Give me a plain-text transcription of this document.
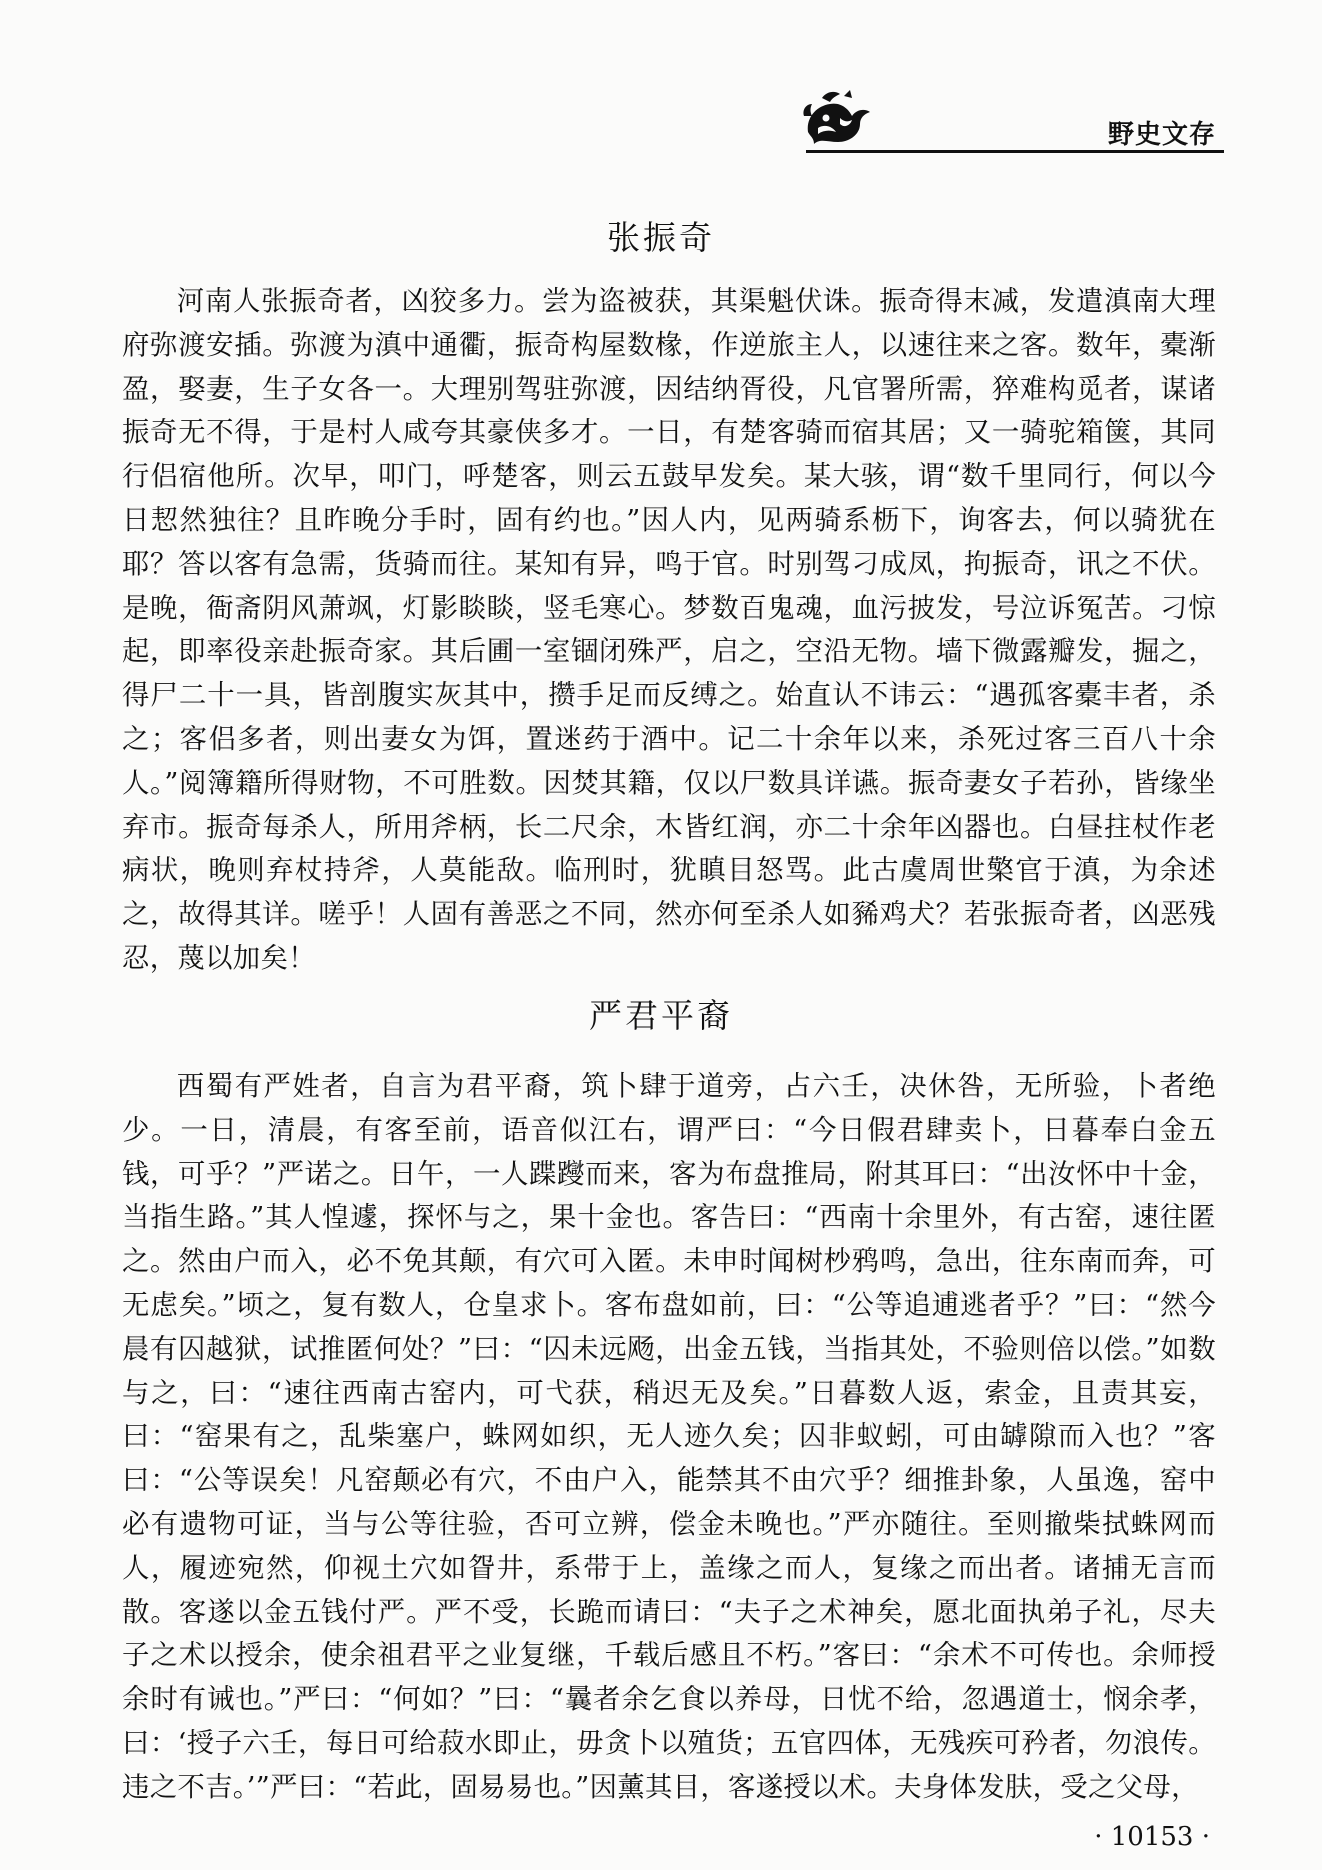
野史文存
张振奇
河南人张振奇者，凶狡多力。尝为盗被获，其渠魁伏诛。振奇得末减，发遣滇南大理府弥渡安插。弥渡为滇中通衢，振奇构屋数椽，作逆旅主人，以速往来之客。数年，橐渐盈，娶妻，生子女各一。大理别驾驻弥渡，因结纳胥役，凡官署所需，猝难构觅者，谋诸振奇无不得，于是村人咸夸其豪侠多才。一日，有楚客骑而宿其居；又一骑驼箱箧，其同行侣宿他所。次早，叩门，呼楚客，则云五鼓早发矣。某大骇，谓“数千里同行，何以今日恝然独往？且昨晚分手时，固有约也。”因人内，见两骑系枥下，询客去，何以骑犹在耶？答以客有急需，货骑而往。某知有异，鸣于官。时别驾刁成凤，拘振奇，讯之不伏。是晚，衙斋阴风萧飒，灯影睒睒，竖毛寒心。梦数百鬼魂，血污披发，号泣诉冤苦。刁惊起，即率役亲赴振奇家。其后圃一室锢闭殊严，启之，空沿无物。墙下微露瓣发，掘之，得尸二十一具，皆剖腹实灰其中，攒手足而反缚之。始直认不讳云：“遇孤客橐丰者，杀之；客侣多者，则出妻女为饵，置迷药于酒中。记二十余年以来，杀死过客三百八十余人。”阅簿籍所得财物，不可胜数。因焚其籍，仅以尸数具详䜩。振奇妻女子若孙，皆缘坐弃市。振奇每杀人，所用斧柄，长二尺余，木皆红润，亦二十余年凶器也。白昼拄杖作老病状，晚则弃杖持斧，人莫能敌。临刑时，犹瞋目怒骂。此古虞周世檠官于滇，为余述之，故得其详。嗟乎！人固有善恶之不同，然亦何至杀人如豨鸡犬？若张振奇者，凶恶残忍，蔑以加矣！
严君平裔
西蜀有严姓者，自言为君平裔，筑卜肆于道旁，占六壬，决休咎，无所验，卜者绝少。一日，清晨，有客至前，语音似江右，谓严曰：“今日假君肆卖卜，日暮奉白金五钱，可乎？”严诺之。日午，一人蹀躞而来，客为布盘推局，附其耳曰：“出汝怀中十金，当指生路。”其人惶遽，探怀与之，果十金也。客告曰：“西南十余里外，有古窑，速往匿之。然由户而入，必不免其颠，有穴可入匿。未申时闻树杪鸦鸣，急出，往东南而奔，可无虑矣。”顷之，复有数人，仓皇求卜。客布盘如前，曰：“公等追逋逃者乎？”曰：“然今晨有囚越狱，试推匿何处？”曰：“囚未远飏，出金五钱，当指其处，不验则倍以偿。”如数与之，曰：“速往西南古窑内，可弋获，稍迟无及矣。”日暮数人返，索金，且责其妄，曰：“窑果有之，乱柴塞户，蛛网如织，无人迹久矣；囚非蚁蚓，可由罅隙而入也？”客曰：“公等误矣！凡窑颠必有穴，不由户入，能禁其不由穴乎？细推卦象，人虽逸，窑中必有遗物可证，当与公等往验，否可立辨，偿金未晚也。”严亦随往。至则撤柴拭蛛网而人，履迹宛然，仰视土穴如眢井，系带于上，盖缘之而人，复缘之而出者。诸捕无言而散。客遂以金五钱付严。严不受，长跪而请曰：“夫子之术神矣，愿北面执弟子礼，尽夫子之术以授余，使余祖君平之业复继，千载后感且不朽。”客曰：“余术不可传也。余师授余时有诫也。”严曰：“何如？”曰：“曩者余乞食以养母，日忧不给，忽遇道士，悯余孝，曰：‘授子六壬，每日可给菽水即止，毋贪卜以殖货；五官四体，无残疾可矜者，勿浪传。违之不吉。’”严曰：“若此，固易易也。”因薰其目，客遂授以术。夫身体发肤，受之父母，
· 10153 ·
